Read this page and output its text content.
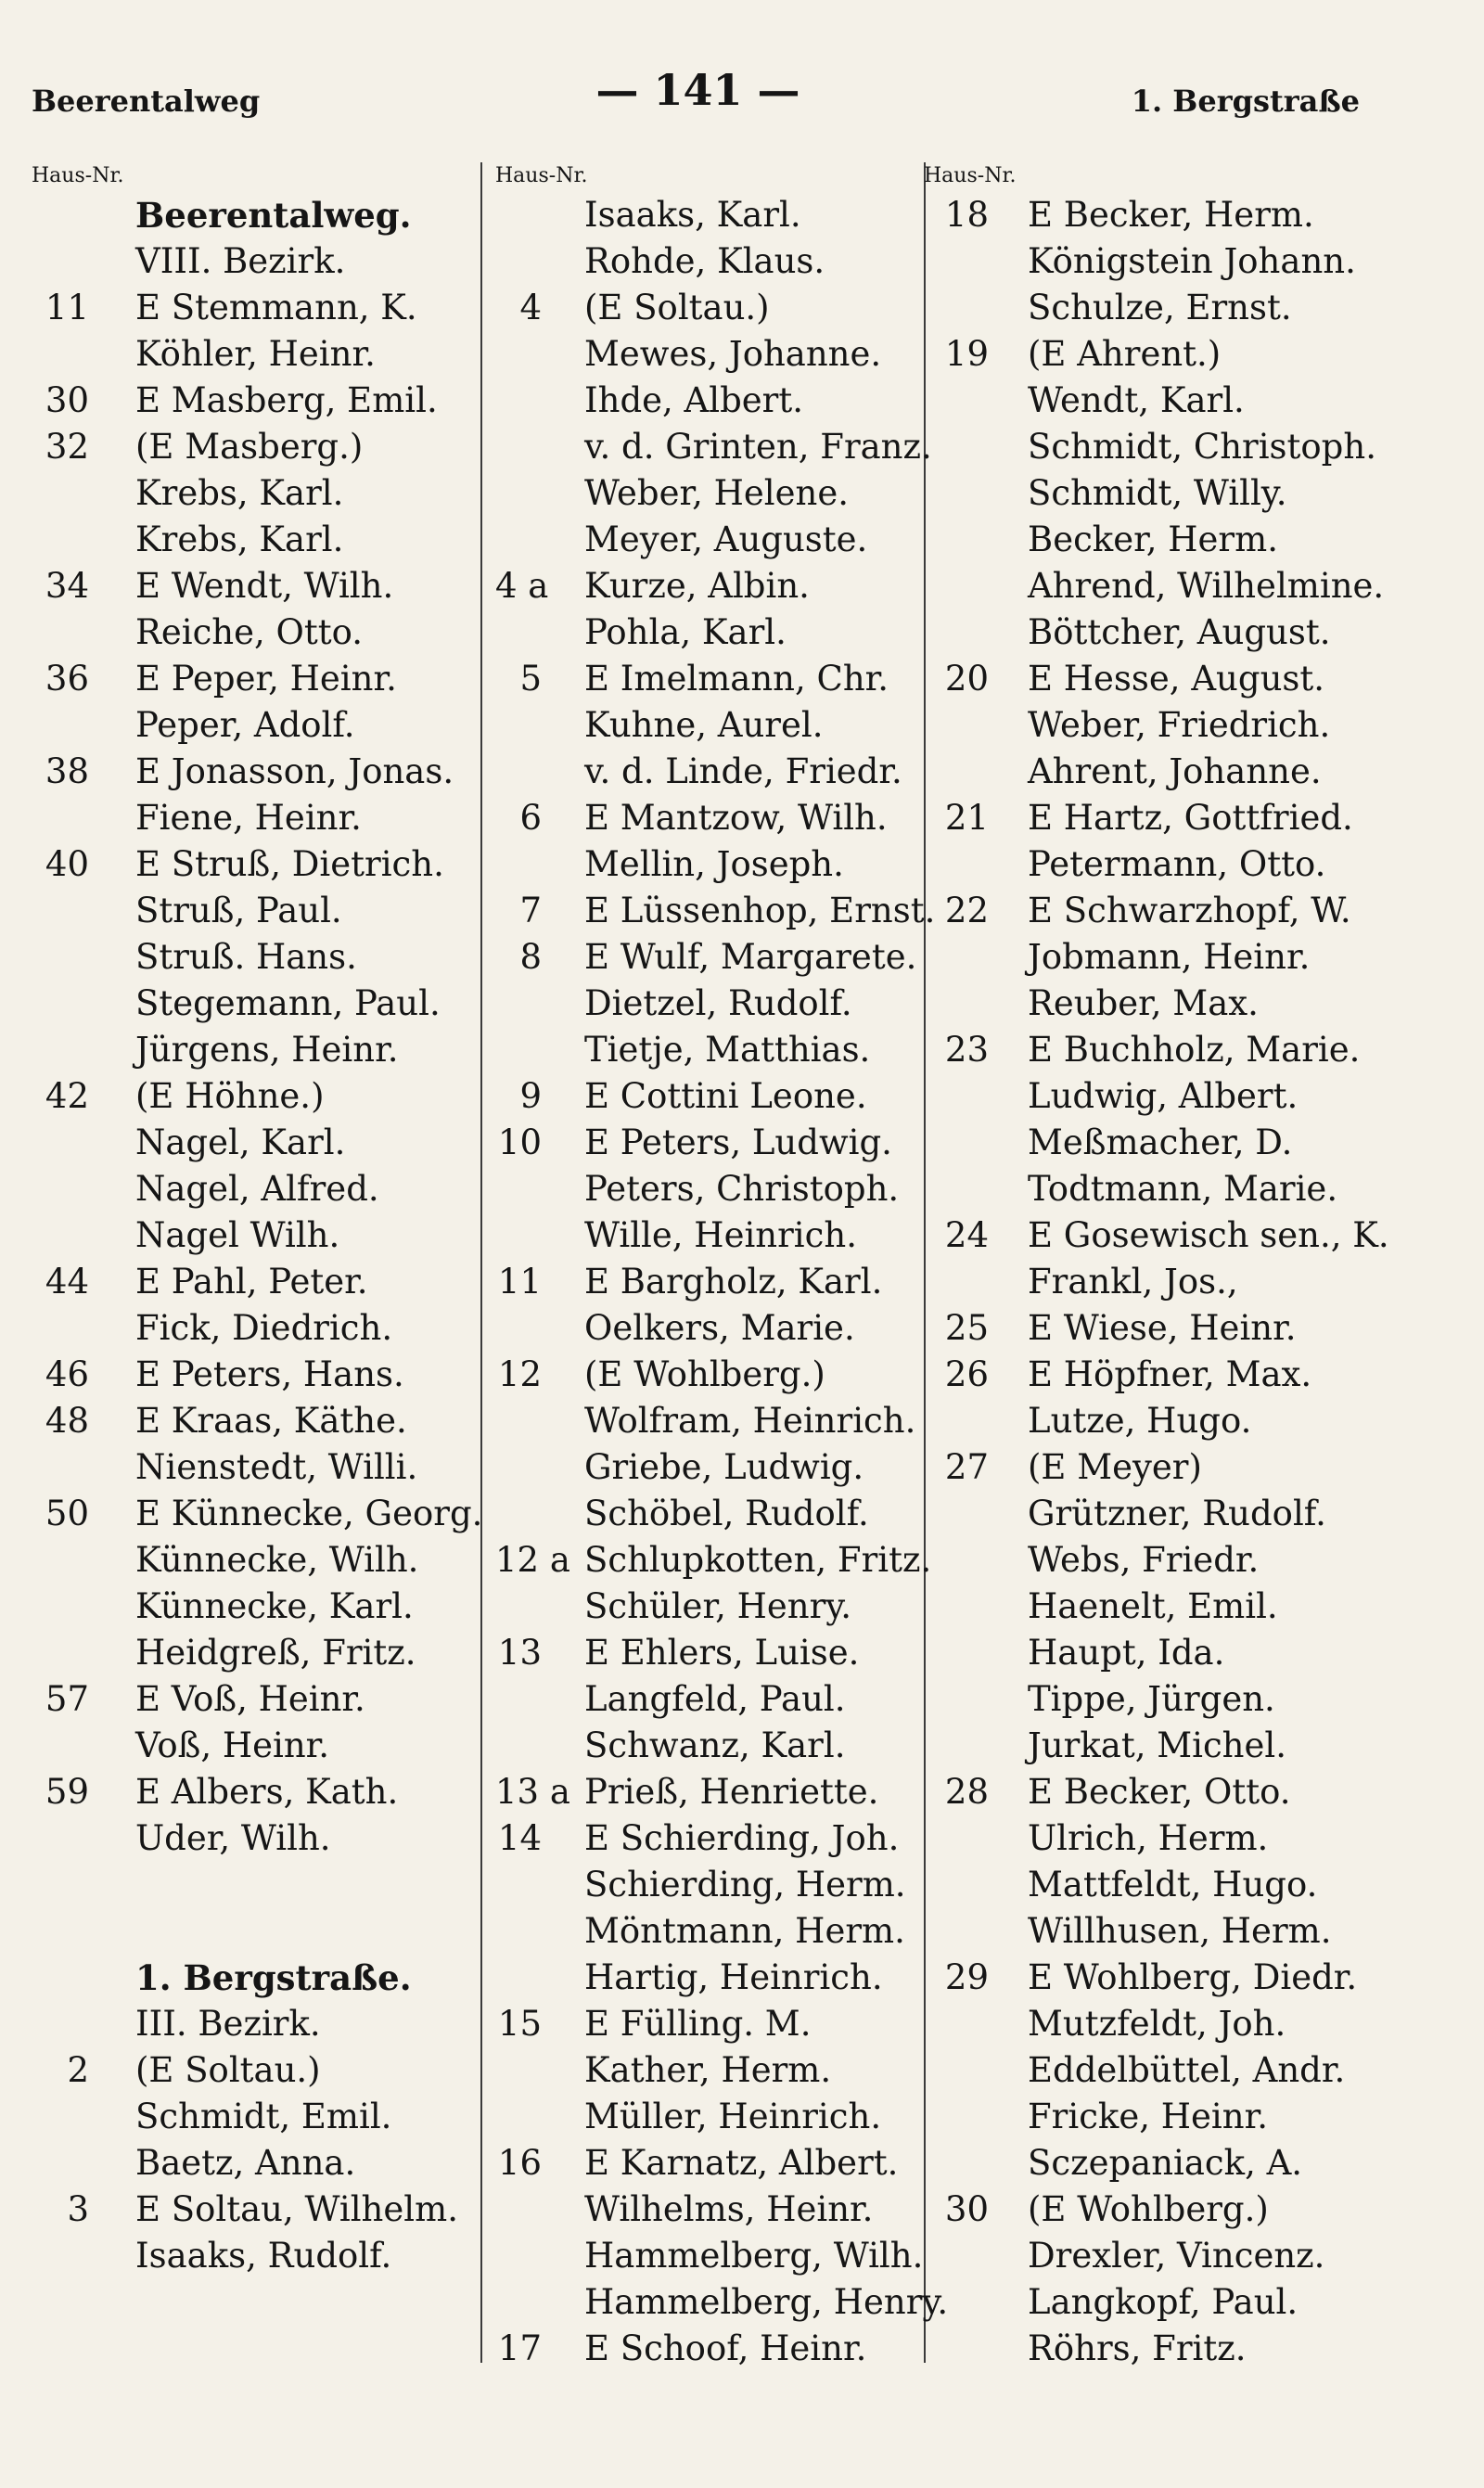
Beerentalweg	— 141 —	1. Bergstraße
Haus-Nr.
Beerentalweg.
VIII. Bezirk.
11 E Stemmann, K.
Köhler, Heinr.
30 E Masberg, Emil.
32 (E Masberg.)
Krebs, Karl.
Krebs, Karl.
34 E Wendt, Wilh.
Reiche, Otto.
36 E Peper, Heinr.
Peper, Adolf.
38 E Jonasson, Jonas.
Fiene, Heinr.
40 E Struß, Dietrich.
Struß, Paul.
Struß. Hans.
Stegemann, Paul.
Jürgens, Heinr.
42 (E Höhne.)
Nagel, Karl.
Nagel, Alfred.
Nagel Wilh.
44 E Pahl, Peter.
Fick, Diedrich.
46 E Peters, Hans.
48 E Kraas, Käthe.
Nienstedt, Willi.
50 E Künnecke, Georg.
Künnecke, Wilh.
Künnecke, Karl.
Heidgreß, Fritz.
57 E Voß, Heinr.
Voß, Heinr.
59 E Albers, Kath.
Uder, Wilh.
1. Bergstraße.
III. Bezirk.
2 (E Soltau.)
Schmidt, Emil.
Baetz, Anna.
3 E Soltau, Wilhelm.
Isaaks, Rudolf.
Haus-Nr.
Isaaks, Karl.
Rohde, Klaus.
4 (E Soltau.)
Mewes, Johanne.
Ihde, Albert.
v. d. Grinten, Franz.
Weber, Helene.
Meyer, Auguste.
4 a Kurze, Albin.
Pohla, Karl.
5 E Imelmann, Chr.
Kuhne, Aurel.
v. d. Linde, Friedr.
6 E Mantzow, Wilh.
Mellin, Joseph.
7 E Lüssenhop, Ernst.
8 E Wulf, Margarete.
Dietzel, Rudolf.
Tietje, Matthias.
9 E Cottini Leone.
10 E Peters, Ludwig.
Peters, Christoph.
Wille, Heinrich.
11 E Bargholz, Karl.
Oelkers, Marie.
12 (E Wohlberg.)
Wolfram, Heinrich.
Griebe, Ludwig.
Schöbel, Rudolf.
12 a Schlupkotten, Fritz.
Schüler, Henry.
13 E Ehlers, Luise.
Langfeld, Paul.
Schwanz, Karl.
13 a Prieß, Henriette.
14 E Schierding, Joh.
Schierding, Herm.
Möntmann, Herm.
Hartig, Heinrich.
15 E Fülling. M.
Kather, Herm.
Müller, Heinrich.
16 E Karnatz, Albert.
Wilhelms, Heinr.
Hammelberg, Wilh.
Hammelberg, Henry.
17 E Schoof, Heinr.
Haus-Nr.
18 E Becker, Herm.
Königstein Johann.
Schulze, Ernst.
19 (E Ahrent.)
Wendt, Karl.
Schmidt, Christoph.
Schmidt, Willy.
Becker, Herm.
Ahrend, Wilhelmine.
Böttcher, August.
20 E Hesse, August.
Weber, Friedrich.
Ahrent, Johanne.
21 E Hartz, Gottfried.
Petermann, Otto.
22 E Schwarzhopf, W.
Jobmann, Heinr.
Reuber, Max.
23 E Buchholz, Marie.
Ludwig, Albert.
Meßmacher, D.
Todtmann, Marie.
24 E Gosewisch sen., K.
Frankl, Jos.,
25 E Wiese, Heinr.
26 E Höpfner, Max.
Lutze, Hugo.
27 (E Meyer)
Grützner, Rudolf.
Webs, Friedr.
Haenelt, Emil.
Haupt, Ida.
Tippe, Jürgen.
Jurkat, Michel.
28 E Becker, Otto.
Ulrich, Herm.
Mattfeldt, Hugo.
Willhusen, Herm.
29 E Wohlberg, Diedr.
Mutzfeldt, Joh.
Eddelbüttel, Andr.
Fricke, Heinr.
Sczepaniack, A.
30 (E Wohlberg.)
Drexler, Vincenz.
Langkopf, Paul.
Röhrs, Fritz.
